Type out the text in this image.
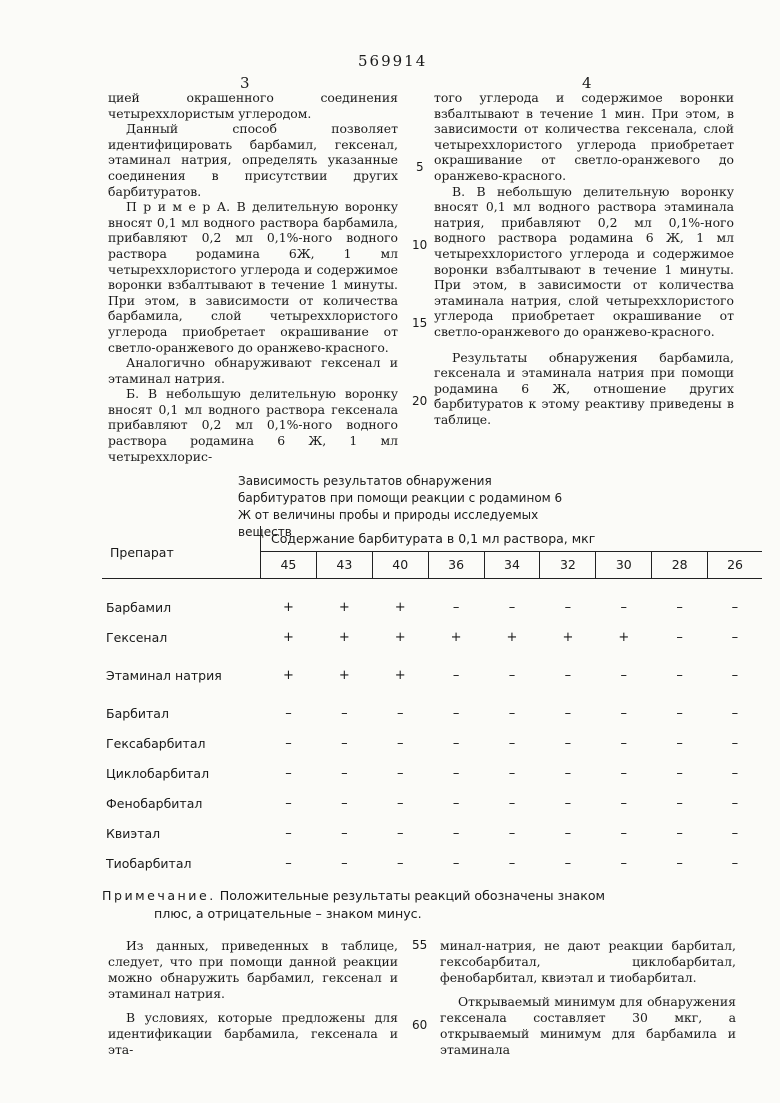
569914
3	4

цией окрашенного соединения четыреххлористым углеродом.

Данный способ позволяет идентифицировать барбамил, гексенал, этаминал натрия, определять указанные соединения в присутствии других барбитуратов.

П р и м е р А. В делительную воронку вносят 0,1 мл водного раствора барбамила, прибавляют 0,2 мл 0,1%-ного водного раствора родамина 6Ж, 1 мл четыреххлористого углерода и содержимое воронки взбалтывают в течение 1 минуты. При этом, в зависимости от количества барбамила, слой четыреххлористого углерода приобретает окрашивание от светло-оранжевого до оранжево-красного.

Аналогично обнаруживают гексенал и этаминал натрия.

Б. В небольшую делительную воронку вносят 0,1 мл водного раствора гексенала прибавляют 0,2 мл 0,1%-ного водного раствора родамина 6 Ж, 1 мл четыреххлорис-

того углерода и содержимое воронки взбалтывают в течение 1 мин. При этом, в зависимости от количества гексенала, слой четыреххлористого углерода приобретает окрашивание от светло-оранжевого до оранжево-красного.

В. В небольшую делительную воронку вносят 0,1 мл водного раствора этаминала натрия, прибавляют 0,2 мл 0,1%-ного водного раствора родамина 6 Ж, 1 мл четыреххлористого углерода и содержимое воронки взбалтывают в течение 1 минуты. При этом, в зависимости от количества этаминала натрия, слой четыреххлористого углерода приобретает окрашивание от светло-оранжевого до оранжево-красного.

Результаты обнаружения барбамила, гексенала и этаминала натрия при помощи родамина 6 Ж, отношение других барбитуратов к этому реактиву приведены в таблице.

5
10
15
20
Зависимость результатов обнаружения барбитуратов при помощи реакции с родамином 6 Ж от величины пробы и природы исследуемых веществ
Препарат	Содержание барбитурата в 0,1 мл раствора, мкг								
	45	43	40	36	34	32	30	28	26

Барбамил	+	+	+	–	–	–	–	–	–
Гексенал	+	+	+	+	+	+	+	–	–
Этаминал натрия	+	+	+	–	–	–	–	–	–
Барбитал	–	–	–	–	–	–	–	–	–
Гексабарбитал	–	–	–	–	–	–	–	–	–
Циклобарбитал	–	–	–	–	–	–	–	–	–
Фенобарбитал	–	–	–	–	–	–	–	–	–
Квиэтал	–	–	–	–	–	–	–	–	–
Тиобарбитал	–	–	–	–	–	–	–	–	–
Примечание. Положительные результаты реакций обозначены знаком
плюс, а отрицательные – знаком минус.

Из данных, приведенных в таблице, следует, что при помощи данной реакции можно обнаружить барбамил, гексенал и этаминал натрия.

В условиях, которые предложены для идентификации барбамила, гексенала и эта-

минал-натрия, не дают реакции барбитал, гексобарбитал, циклобарбитал, фенобарбитал, квиэтал и тиобарбитал.

Открываемый минимум для обнаружения гексенала составляет 30 мкг, а открываемый минимум для барбамила и этаминала

55
60
